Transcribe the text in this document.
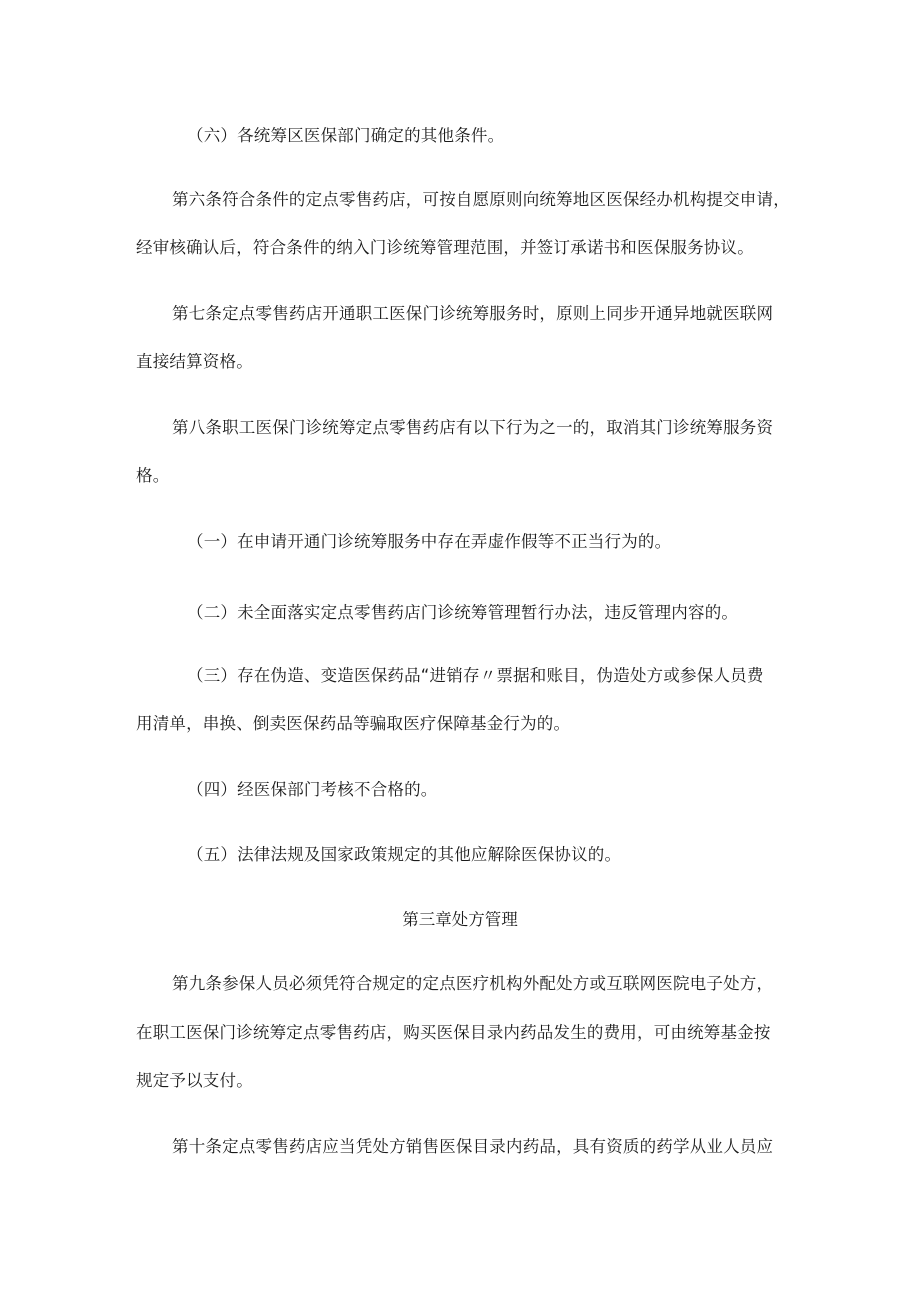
（六）各统筹区医保部门确定的其他条件。
第六条符合条件的定点零售药店，可按自愿原则向统筹地区医保经办机构提交申请，
经审核确认后，符合条件的纳入门诊统筹管理范围，并签订承诺书和医保服务协议。
第七条定点零售药店开通职工医保门诊统筹服务时，原则上同步开通异地就医联网
直接结算资格。
第八条职工医保门诊统筹定点零售药店有以下行为之一的，取消其门诊统筹服务资
格。
（一）在申请开通门诊统筹服务中存在弄虚作假等不正当行为的。
（二）未全面落实定点零售药店门诊统筹管理暂行办法，违反管理内容的。
（三）存在伪造、变造医保药品“进销存〃票据和账目，伪造处方或参保人员费
用清单，串换、倒卖医保药品等骗取医疗保障基金行为的。
（四）经医保部门考核不合格的。
（五）法律法规及国家政策规定的其他应解除医保协议的。
第三章处方管理
第九条参保人员必须凭符合规定的定点医疗机构外配处方或互联网医院电子处方，
在职工医保门诊统筹定点零售药店，购买医保目录内药品发生的费用，可由统筹基金按
规定予以支付。
第十条定点零售药店应当凭处方销售医保目录内药品，具有资质的药学从业人员应
